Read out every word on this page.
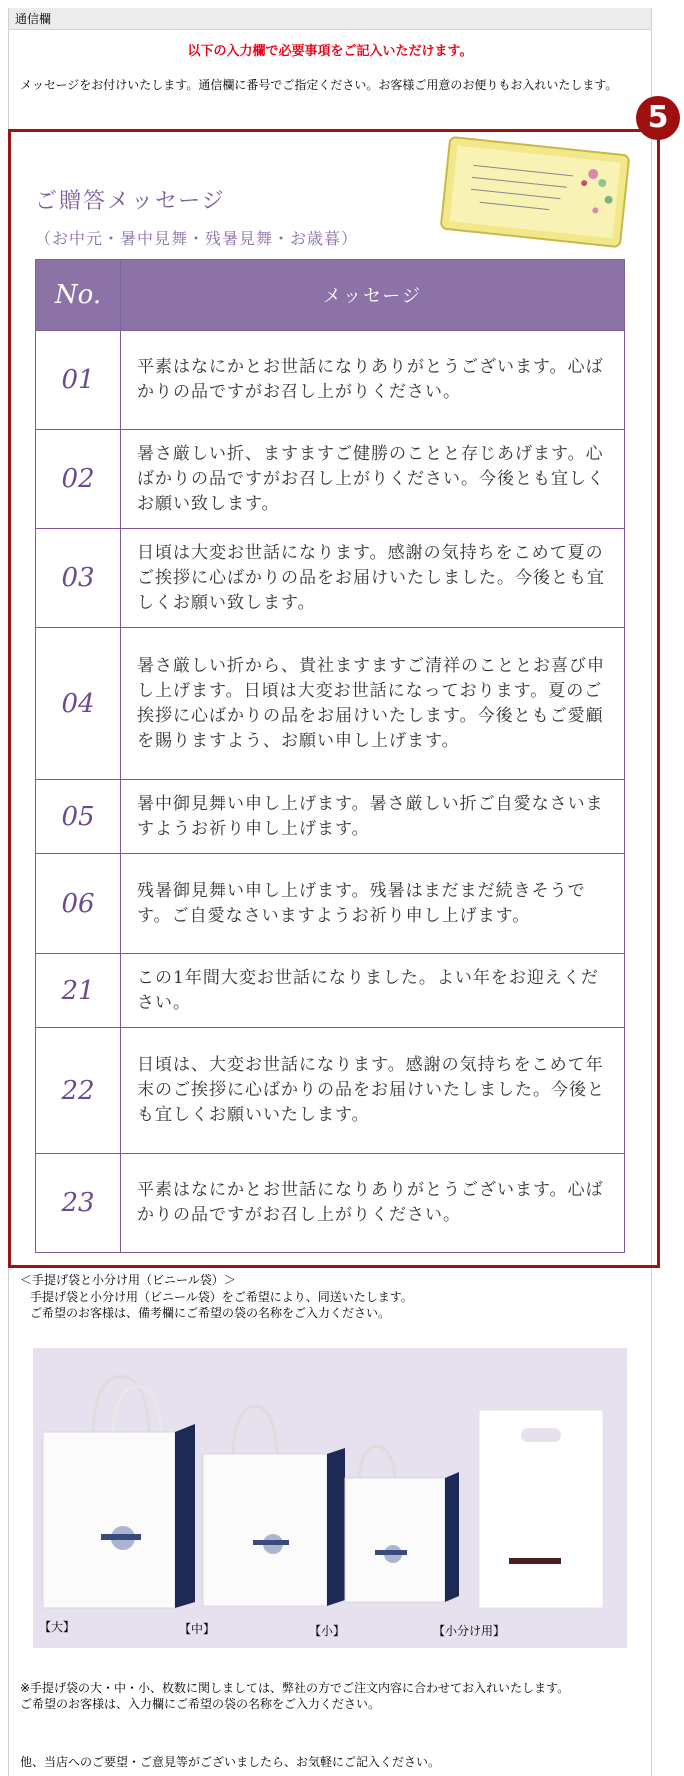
通信欄
以下の入力欄で必要事項をご記入いただけます。
メッセージをお付けいたします。通信欄に番号でご指定ください。お客様ご用意のお便りもお入れいたします。
5
ご贈答メッセージ
（お中元・暑中見舞・残暑見舞・お歳暮）
No.	メッセージ
01	平素はなにかとお世話になりありがとうございます。心ばかりの品ですがお召し上がりください。
02	暑さ厳しい折、ますますご健勝のことと存じあげます。心ばかりの品ですがお召し上がりください。今後とも宜しくお願い致します。
03	日頃は大変お世話になります。感謝の気持ちをこめて夏のご挨拶に心ばかりの品をお届けいたしました。今後とも宜しくお願い致します。
04	暑さ厳しい折から、貴社ますますご清祥のこととお喜び申し上げます。日頃は大変お世話になっております。夏のご挨拶に心ばかりの品をお届けいたします。今後ともご愛顧を賜りますよう、お願い申し上げます。
05	暑中御見舞い申し上げます。暑さ厳しい折ご自愛なさいますようお祈り申し上げます。
06	残暑御見舞い申し上げます。残暑はまだまだ続きそうです。ご自愛なさいますようお祈り申し上げます。
21	この1年間大変お世話になりました。よい年をお迎えください。
22	日頃は、大変お世話になります。感謝の気持ちをこめて年末のご挨拶に心ばかりの品をお届けいたしました。今後とも宜しくお願いいたします。
23	平素はなにかとお世話になりありがとうございます。心ばかりの品ですがお召し上がりください。
＜手提げ袋と小分け用（ビニール袋）＞
手提げ袋と小分け用（ビニール袋）をご希望により、同送いたします。
ご希望のお客様は、備考欄にご希望の袋の名称をご入力ください。
【大】	【中】	【小】	【小分け用】

※手提げ袋の大・中・小、枚数に関しましては、弊社の方でご注文内容に合わせてお入れいたします。

ご希望のお客様は、入力欄にご希望の袋の名称をご入力ください。

他、当店へのご要望・ご意見等がございましたら、お気軽にご記入ください。
